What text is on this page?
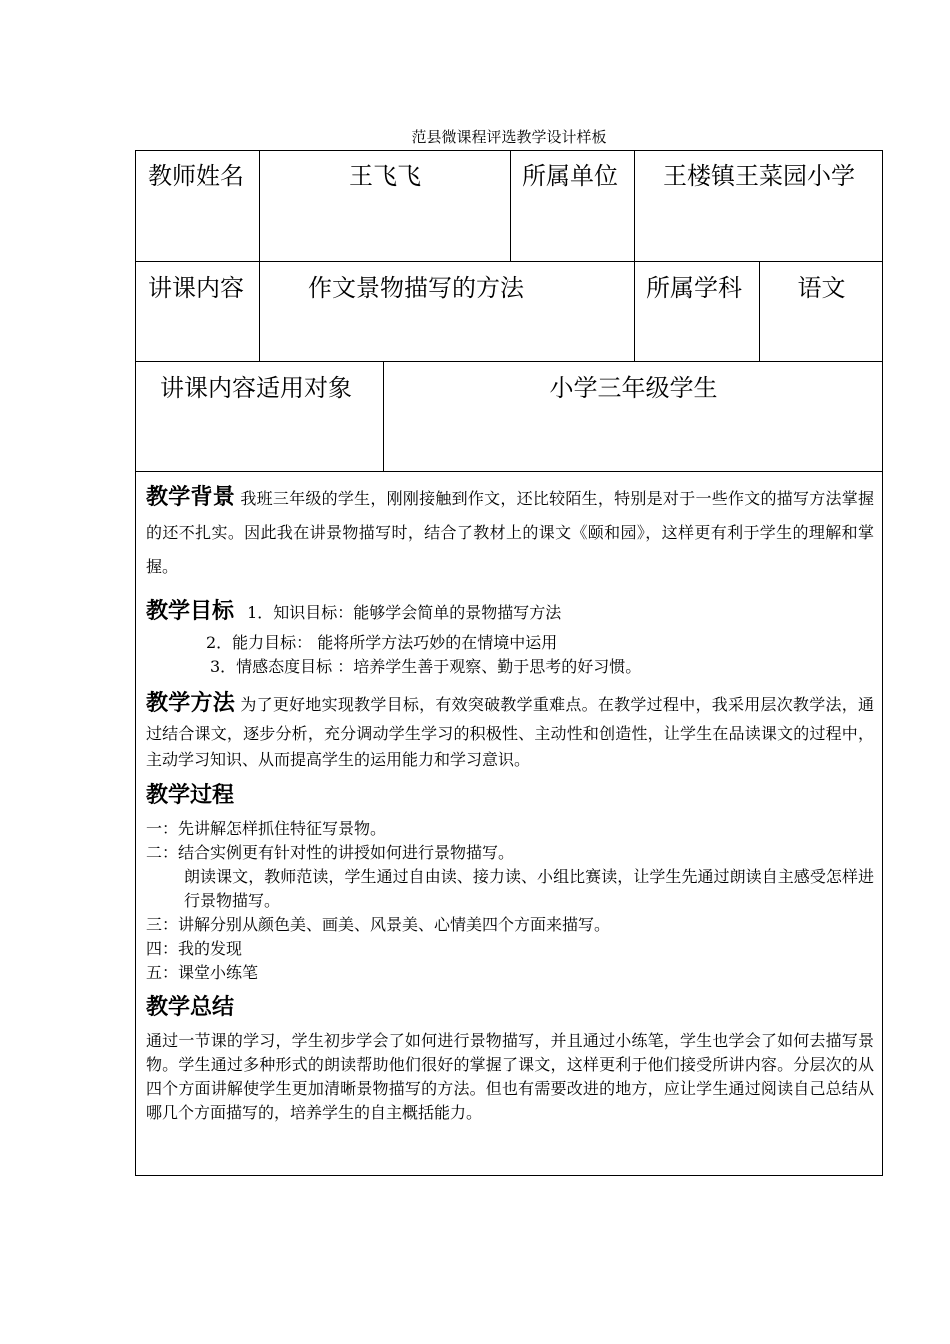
范县微课程评选教学设计样板
教师姓名	王飞飞	所属单位	王楼镇王菜园小学
讲课内容	作文景物描写的方法	所属学科	语文
讲课内容适用对象	小学三年级学生

教学背景 我班三年级的学生，刚刚接触到作文，还比较陌生，特别是对于一些作文的描写方法掌握的还不扎实。因此我在讲景物描写时，结合了教材上的课文《颐和园》，这样更有利于学生的理解和掌握。

教学目标 1．知识目标：能够学会简单的景物描写方法

2．能力目标： 能将所学方法巧妙的在情境中运用

3．情感态度目标 ：培养学生善于观察、勤于思考的好习惯。

教学方法 为了更好地实现教学目标，有效突破教学重难点。在教学过程中，我采用层次教学法，通过结合课文，逐步分析，充分调动学生学习的积极性、主动性和创造性，让学生在品读课文的过程中，主动学习知识、从而提高学生的运用能力和学习意识。

教学过程

一：先讲解怎样抓住特征写景物。

二：结合实例更有针对性的讲授如何进行景物描写。

朗读课文，教师范读，学生通过自由读、接力读、小组比赛读，让学生先通过朗读自主感受怎样进行景物描写。

三：讲解分别从颜色美、画美、风景美、心情美四个方面来描写。

四：我的发现

五：课堂小练笔

教学总结

通过一节课的学习，学生初步学会了如何进行景物描写，并且通过小练笔，学生也学会了如何去描写景物。学生通过多种形式的朗读帮助他们很好的掌握了课文，这样更利于他们接受所讲内容。分层次的从四个方面讲解使学生更加清晰景物描写的方法。但也有需要改进的地方，应让学生通过阅读自己总结从哪几个方面描写的，培养学生的自主概括能力。
